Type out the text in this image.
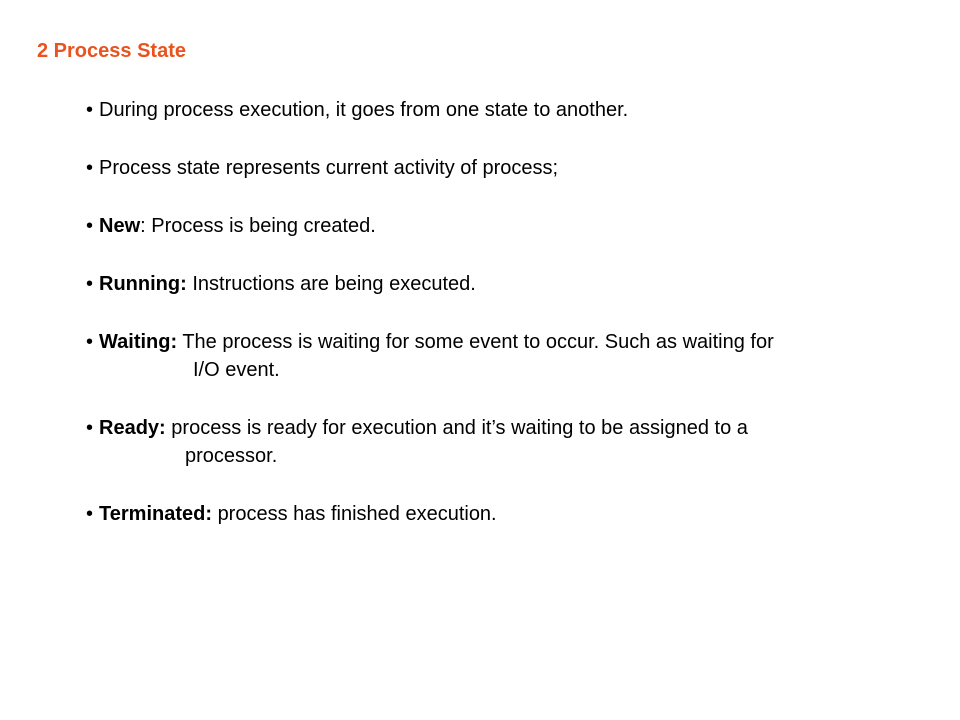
2 Process State
• During process execution, it goes from one state to another.
• Process state represents current activity of process;
• New: Process is being created.
• Running: Instructions are being executed.
• Waiting: The process is waiting for some event to occur. Such as waiting for
I/O event.
• Ready: process is ready for execution and it’s waiting to be assigned to a
processor.
• Terminated: process has finished execution.
